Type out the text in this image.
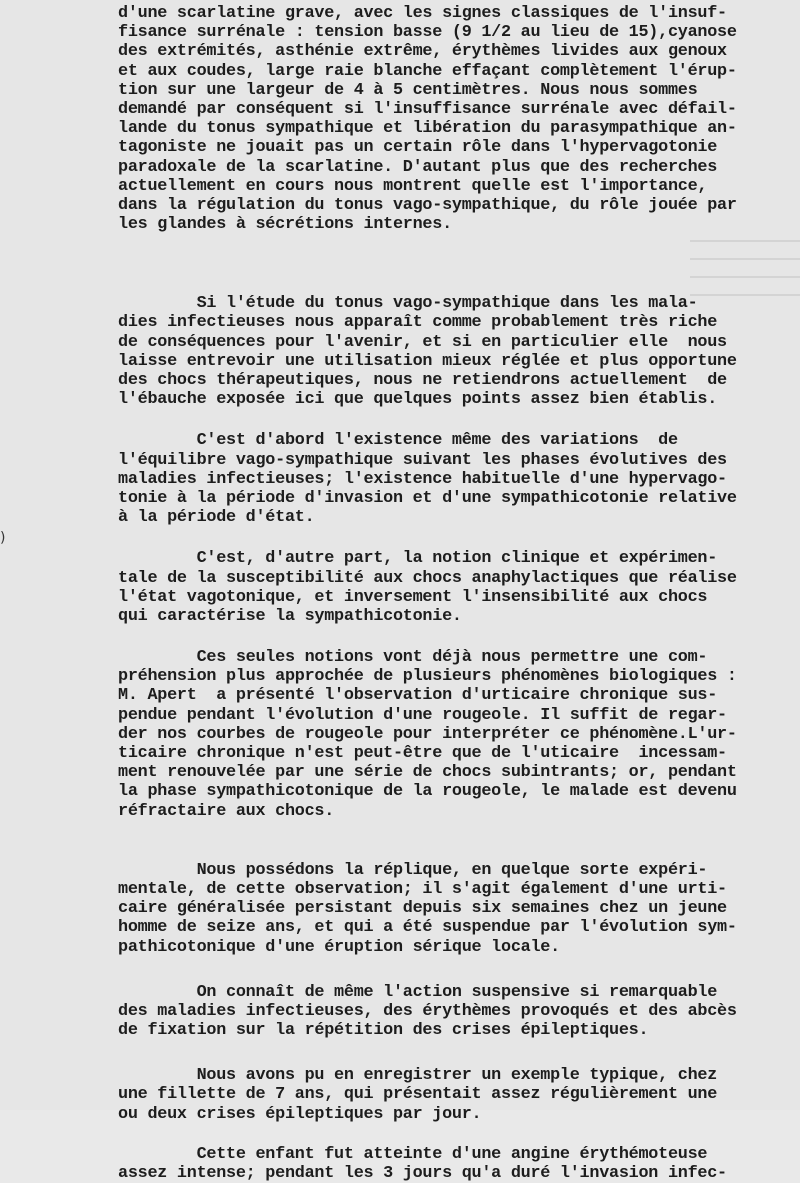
)
d'une scarlatine grave, avec les signes classiques de l'insuf-
fisance surrénale : tension basse (9 1/2 au lieu de 15),cyanose
des extrémités, asthénie extrême, érythèmes livides aux genoux
et aux coudes, large raie blanche effaçant complètement l'érup-
tion sur une largeur de 4 à 5 centimètres. Nous nous sommes
demandé par conséquent si l'insuffisance surrénale avec défail-
lande du tonus sympathique et libération du parasympathique an-
tagoniste ne jouait pas un certain rôle dans l'hypervagotonie
paradoxale de la scarlatine. D'autant plus que des recherches
actuellement en cours nous montrent quelle est l'importance,
dans la régulation du tonus vago-sympathique, du rôle jouée par
les glandes à sécrétions internes.
Si l'étude du tonus vago-sympathique dans les mala-
dies infectieuses nous apparaît comme probablement très riche
de conséquences pour l'avenir, et si en particulier elle  nous
laisse entrevoir une utilisation mieux réglée et plus opportune
des chocs thérapeutiques, nous ne retiendrons actuellement  de
l'ébauche exposée ici que quelques points assez bien établis.
C'est d'abord l'existence même des variations  de
l'équilibre vago-sympathique suivant les phases évolutives des
maladies infectieuses; l'existence habituelle d'une hypervago-
tonie à la période d'invasion et d'une sympathicotonie relative
à la période d'état.
C'est, d'autre part, la notion clinique et expérimen-
tale de la susceptibilité aux chocs anaphylactiques que réalise
l'état vagotonique, et inversement l'insensibilité aux chocs
qui caractérise la sympathicotonie.
Ces seules notions vont déjà nous permettre une com-
préhension plus approchée de plusieurs phénomènes biologiques :
M. Apert  a présenté l'observation d'urticaire chronique sus-
pendue pendant l'évolution d'une rougeole. Il suffit de regar-
der nos courbes de rougeole pour interpréter ce phénomène.L'ur-
ticaire chronique n'est peut-être que de l'uticaire  incessam-
ment renouvelée par une série de chocs subintrants; or, pendant
la phase sympathicotonique de la rougeole, le malade est devenu
réfractaire aux chocs.
Nous possédons la réplique, en quelque sorte expéri-
mentale, de cette observation; il s'agit également d'une urti-
caire généralisée persistant depuis six semaines chez un jeune
homme de seize ans, et qui a été suspendue par l'évolution sym-
pathicotonique d'une éruption sérique locale.
On connaît de même l'action suspensive si remarquable
des maladies infectieuses, des érythèmes provoqués et des abcès
de fixation sur la répétition des crises épileptiques.
Nous avons pu en enregistrer un exemple typique, chez
une fillette de 7 ans, qui présentait assez régulièrement une
ou deux crises épileptiques par jour.
Cette enfant fut atteinte d'une angine érythémoteuse
assez intense; pendant les 3 jours qu'a duré l'invasion infec-
